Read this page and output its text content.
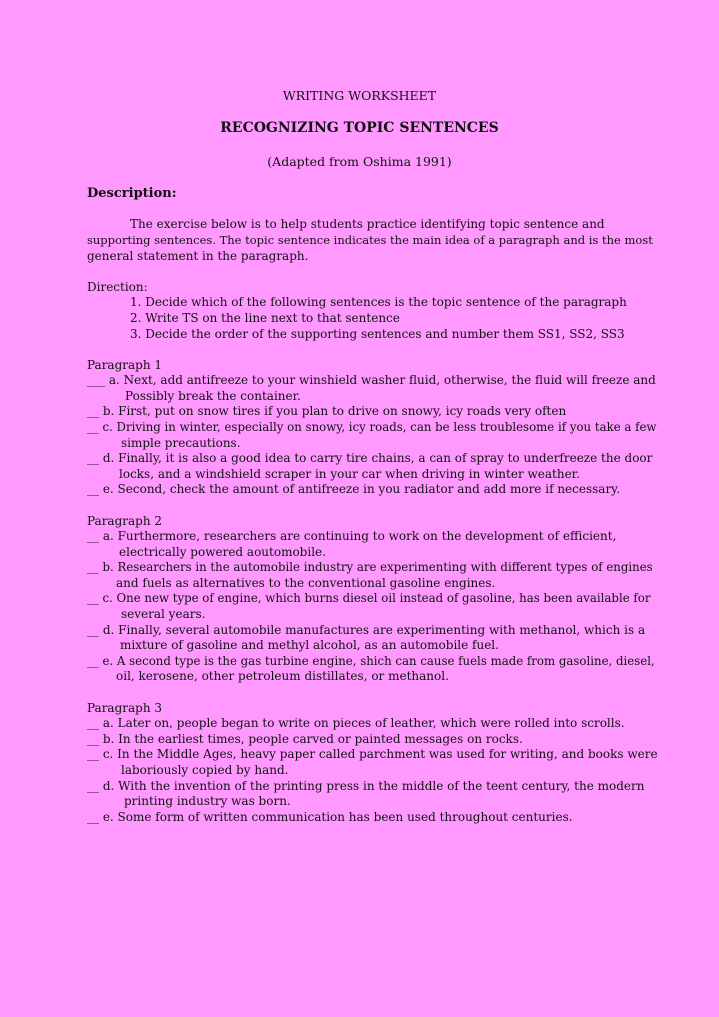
WRITING WORKSHEET
RECOGNIZING TOPIC SENTENCES
(Adapted from Oshima 1991)
Description:
The exercise below is to help students practice identifying topic sentence and
supporting sentences. The topic sentence indicates the main idea of a paragraph and is the most
general statement in the paragraph.
Direction:
1. Decide which of the following sentences is the topic sentence of the paragraph
2. Write TS on the line next to that sentence
3. Decide the order of the supporting sentences and number them SS1, SS2, SS3
Paragraph 1
___ a. Next, add antifreeze to your winshield washer fluid, otherwise, the fluid will freeze and
Possibly break the container.
__ b. First, put on snow tires if you plan to drive on snowy, icy roads very often
__ c. Driving in winter, especially on snowy, icy roads, can be less troublesome if you take a few
simple precautions.
__ d. Finally, it is also a good idea to carry tire chains, a can of spray to underfreeze the door
locks, and a windshield scraper in your car when driving in winter weather.
__ e. Second, check the amount of antifreeze in you radiator and add more if necessary.
Paragraph 2
__ a. Furthermore, researchers are continuing to work on the development of efficient,
electrically powered aoutomobile.
__ b. Researchers in the automobile industry are experimenting with different types of engines
and fuels as alternatives to the conventional gasoline engines.
__ c. One new type of engine, which burns diesel oil instead of gasoline, has been available for
several years.
__ d. Finally, several automobile manufactures are experimenting with methanol, which is a
mixture of gasoline and methyl alcohol, as an automobile fuel.
__ e. A second type is the gas turbine engine, shich can cause fuels made from gasoline, diesel,
oil, kerosene, other petroleum distillates, or methanol.
Paragraph 3
__ a. Later on, people began to write on pieces of leather, which were rolled into scrolls.
__ b. In the earliest times, people carved or painted messages on rocks.
__ c. In the Middle Ages, heavy paper called parchment was used for writing, and books were
laboriously copied by hand.
__ d. With the invention of the printing press in the middle of the teent century, the modern
printing industry was born.
__ e. Some form of written communication has been used throughout centuries.
